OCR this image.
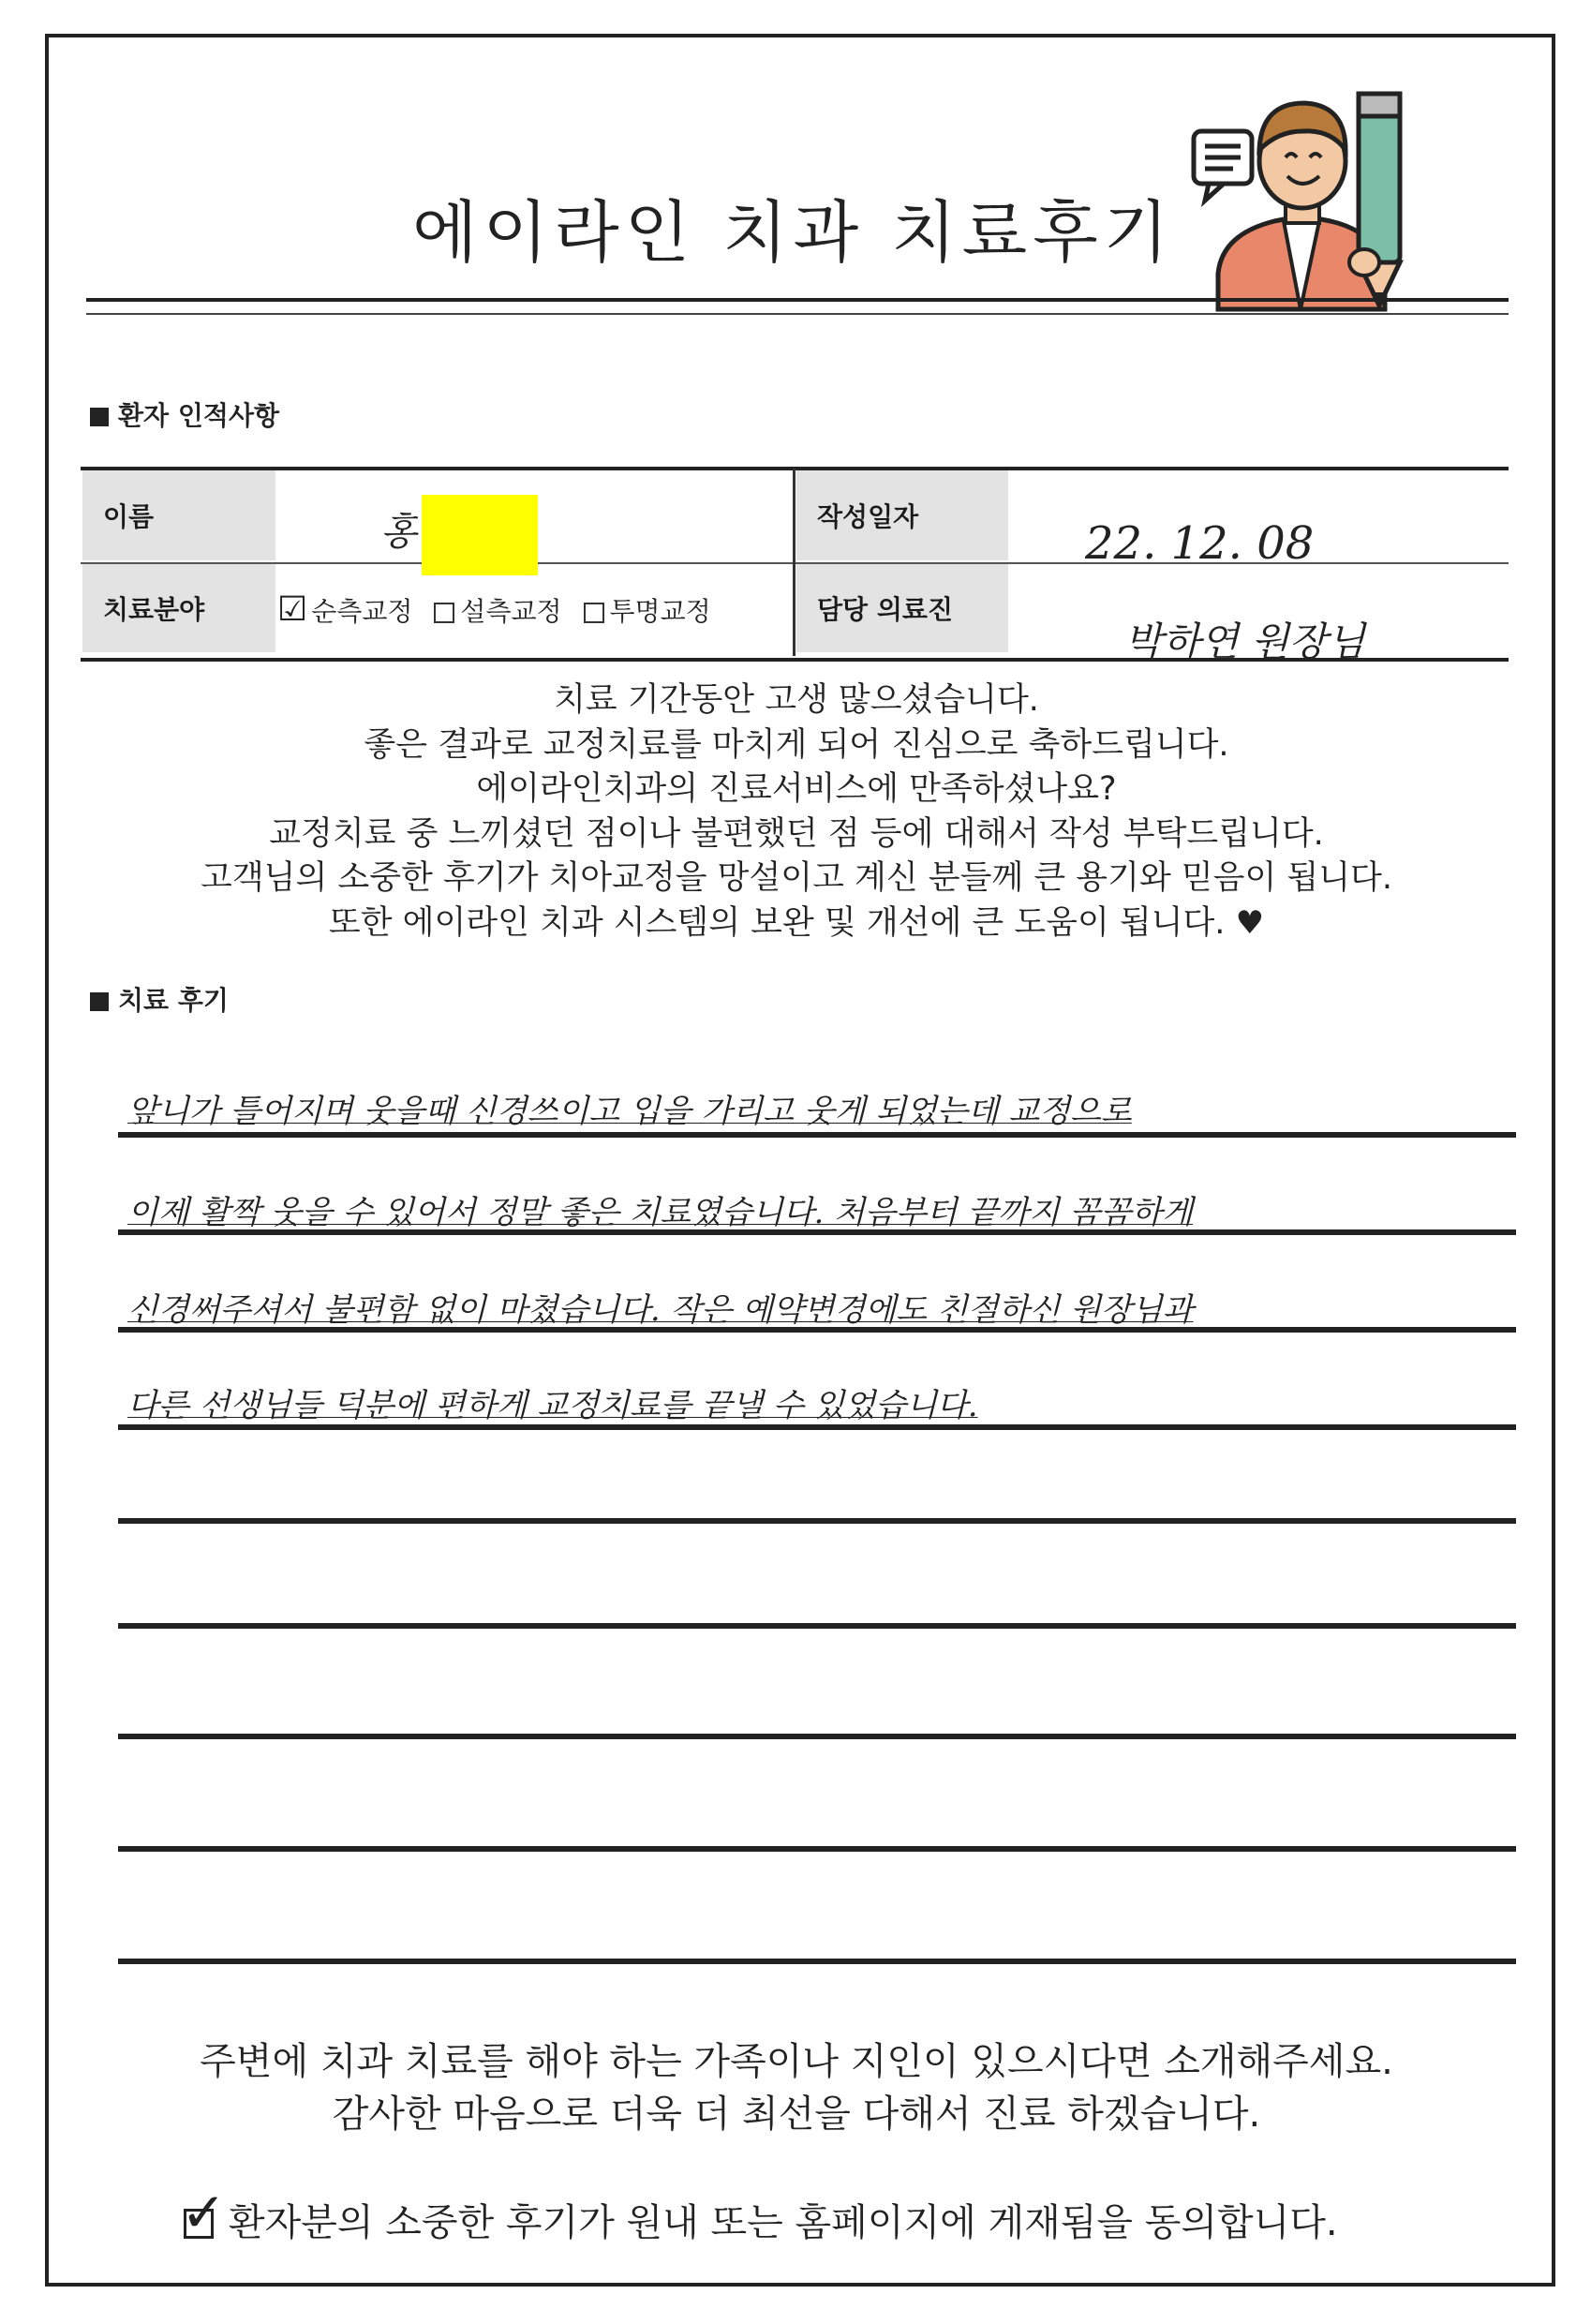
에이라인 치과 치료후기
환자 인적사항
이름
치료분야
작성일자
담당 의료진
홍	22. 12. 08
박하연 원장님
☑ 순측교정 설측교정 투명교정
치료 기간동안 고생 많으셨습니다.
좋은 결과로 교정치료를 마치게 되어 진심으로 축하드립니다.
에이라인치과의 진료서비스에 만족하셨나요?
교정치료 중 느끼셨던 점이나 불편했던 점 등에 대해서 작성 부탁드립니다.
고객님의 소중한 후기가 치아교정을 망설이고 계신 분들께 큰 용기와 믿음이 됩니다.
또한 에이라인 치과 시스템의 보완 및 개선에 큰 도움이 됩니다. ♥
치료 후기
앞니가 틀어지며 웃을때 신경쓰이고 입을 가리고 웃게 되었는데 교정으로
이제 활짝 웃을 수 있어서 정말 좋은 치료였습니다. 처음부터 끝까지 꼼꼼하게
신경써주셔서 불편함 없이 마쳤습니다. 작은 예약변경에도 친절하신 원장님과
다른 선생님들 덕분에 편하게 교정치료를 끝낼 수 있었습니다.
주변에 치과 치료를 해야 하는 가족이나 지인이 있으시다면 소개해주세요.
감사한 마음으로 더욱 더 최선을 다해서 진료 하겠습니다.
✓ 환자분의 소중한 후기가 원내 또는 홈페이지에 게재됨을 동의합니다.
